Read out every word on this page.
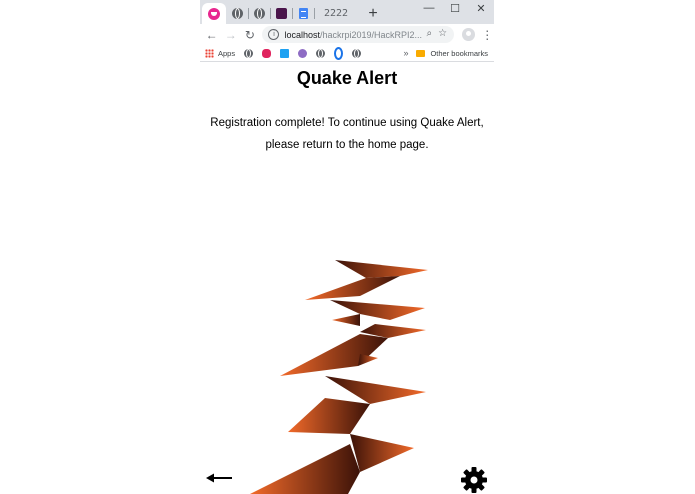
2222	+	—	☐	✕
← → ↻	i	localhost /hackrpi2019/HackRPI2... ⌕ ☆	⋮
Apps	»	Other bookmarks
Quake Alert
Registration complete! To continue using Quake Alert,
please return to the home page.
